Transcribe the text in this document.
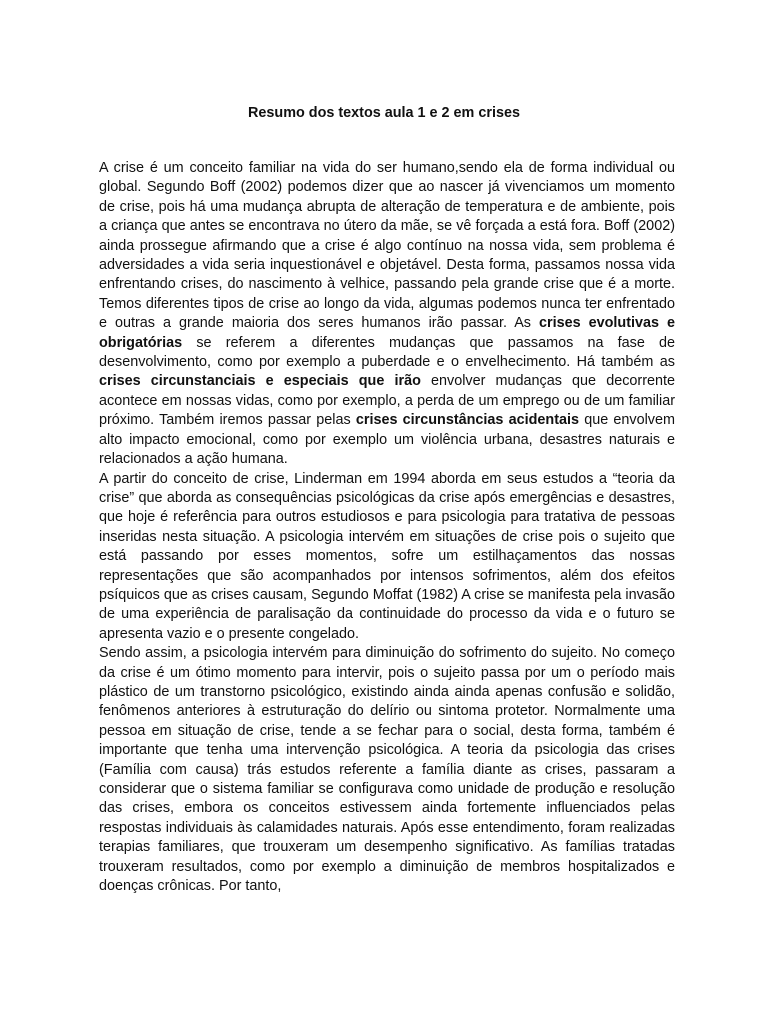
Resumo dos textos aula 1 e 2 em crises

A crise é um conceito familiar na vida do ser humano,sendo ela de forma individual ou global. Segundo Boff (2002) podemos dizer que ao nascer já vivenciamos um momento de crise, pois há uma mudança abrupta de alteração de temperatura e de ambiente, pois a criança que antes se encontrava no útero da mãe, se vê forçada a está fora. Boff (2002) ainda prossegue afirmando que a crise é algo contínuo na nossa vida, sem problema é adversidades a vida seria inquestionável e objetável. Desta forma, passamos nossa vida enfrentando crises, do nascimento à velhice, passando pela grande crise que é a morte. Temos diferentes tipos de crise ao longo da vida, algumas podemos nunca ter enfrentado e outras a grande maioria dos seres humanos irão passar. As crises evolutivas e obrigatórias se referem a diferentes mudanças que passamos na fase de desenvolvimento, como por exemplo a puberdade e o envelhecimento. Há também as crises circunstanciais e especiais que irão envolver mudanças que decorrente acontece em nossas vidas, como por exemplo, a perda de um emprego ou de um familiar próximo. Também iremos passar pelas crises circunstâncias acidentais que envolvem alto impacto emocional, como por exemplo um violência urbana, desastres naturais e relacionados a ação humana.

A partir do conceito de crise, Linderman em 1994 aborda em seus estudos a “teoria da crise” que aborda as consequências psicológicas da crise após emergências e desastres, que hoje é referência para outros estudiosos e para psicologia para tratativa de pessoas inseridas nesta situação. A psicologia intervém em situações de crise pois o sujeito que está passando por esses momentos, sofre um estilhaçamentos das nossas representações que são acompanhados por intensos sofrimentos, além dos efeitos psíquicos que as crises causam, Segundo Moffat (1982) A crise se manifesta pela invasão de uma experiência de paralisação da continuidade do processo da vida e o futuro se apresenta vazio e o presente congelado.

Sendo assim, a psicologia intervém para diminuição do sofrimento do sujeito. No começo da crise é um ótimo momento para intervir, pois o sujeito passa por um o período mais plástico de um transtorno psicológico, existindo ainda ainda apenas confusão e solidão, fenômenos anteriores à estruturação do delírio ou sintoma protetor. Normalmente uma pessoa em situação de crise, tende a se fechar para o social, desta forma, também é importante que tenha uma intervenção psicológica. A teoria da psicologia das crises (Família com causa) trás estudos referente a família diante as crises, passaram a considerar que o sistema familiar se configurava como unidade de produção e resolução das crises, embora os conceitos estivessem ainda fortemente influenciados pelas respostas individuais às calamidades naturais. Após esse entendimento, foram realizadas terapias familiares, que trouxeram um desempenho significativo. As famílias tratadas trouxeram resultados, como por exemplo a diminuição de membros hospitalizados e doenças crônicas. Por tanto,
